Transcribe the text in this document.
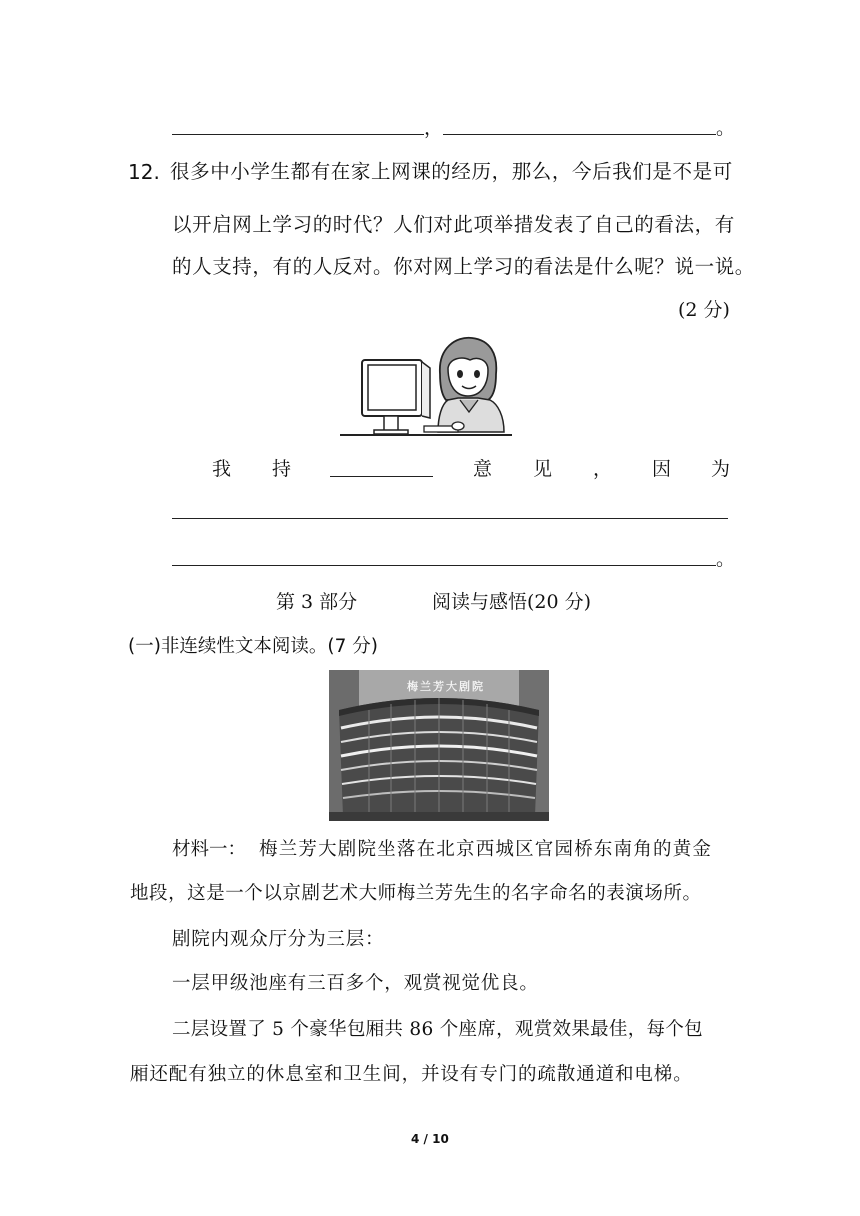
，	。
12. 很多中小学生都有在家上网课的经历，那么，今后我们是不是可
以开启网上学习的时代？人们对此项举措发表了自己的看法，有
的人支持，有的人反对。你对网上学习的看法是什么呢？说一说。
(2 分)
我 持	意 见 ， 因 为
。
第 3 部分	阅读与感悟(20 分)
(一)非连续性文本阅读。(7 分)
梅兰芳大剧院
材料一： 梅兰芳大剧院坐落在北京西城区官园桥东南角的黄金
地段，这是一个以京剧艺术大师梅兰芳先生的名字命名的表演场所。
剧院内观众厅分为三层：
一层甲级池座有三百多个，观赏视觉优良。
二层设置了 5 个豪华包厢共 86 个座席，观赏效果最佳，每个包
厢还配有独立的休息室和卫生间，并设有专门的疏散通道和电梯。
4 / 10
